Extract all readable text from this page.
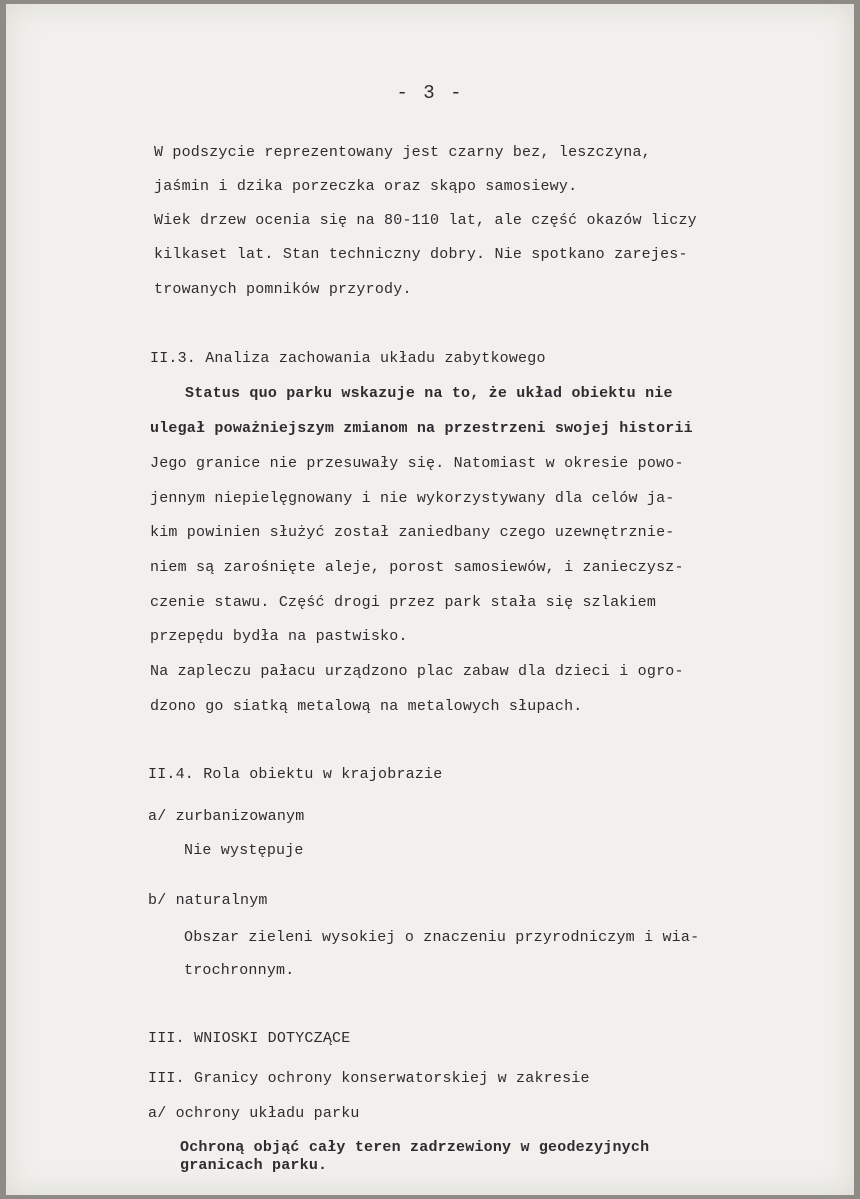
- 3 -
W podszycie reprezentowany jest czarny bez, leszczyna,
jaśmin i dzika porzeczka oraz skąpo samosiewy.
Wiek drzew ocenia się na 80-110 lat, ale część okazów liczy
kilkaset lat. Stan techniczny dobry. Nie spotkano zarejes-
trowanych pomników przyrody.
II.3. Analiza zachowania układu zabytkowego
Status quo parku wskazuje na to, że układ obiektu nie
ulegał poważniejszym zmianom na przestrzeni swojej historii
Jego granice nie przesuwały się. Natomiast w okresie powo-
jennym niepielęgnowany i nie wykorzystywany dla celów ja-
kim powinien służyć został zaniedbany czego uzewnętrznie-
niem są zarośnięte aleje, porost samosiewów, i zanieczysz-
czenie stawu. Część drogi przez park stała się szlakiem
przepędu bydła na pastwisko.
Na zapleczu pałacu urządzono plac zabaw dla dzieci i ogro-
dzono go siatką metalową na metalowych słupach.
II.4. Rola obiektu w krajobrazie
a/ zurbanizowanym
Nie występuje
b/ naturalnym
Obszar zieleni wysokiej o znaczeniu przyrodniczym i wia-
trochronnym.
III. WNIOSKI DOTYCZĄCE
III. Granicy ochrony konserwatorskiej w zakresie
a/ ochrony układu parku
Ochroną objąć cały teren zadrzewiony w geodezyjnych
granicach parku.
